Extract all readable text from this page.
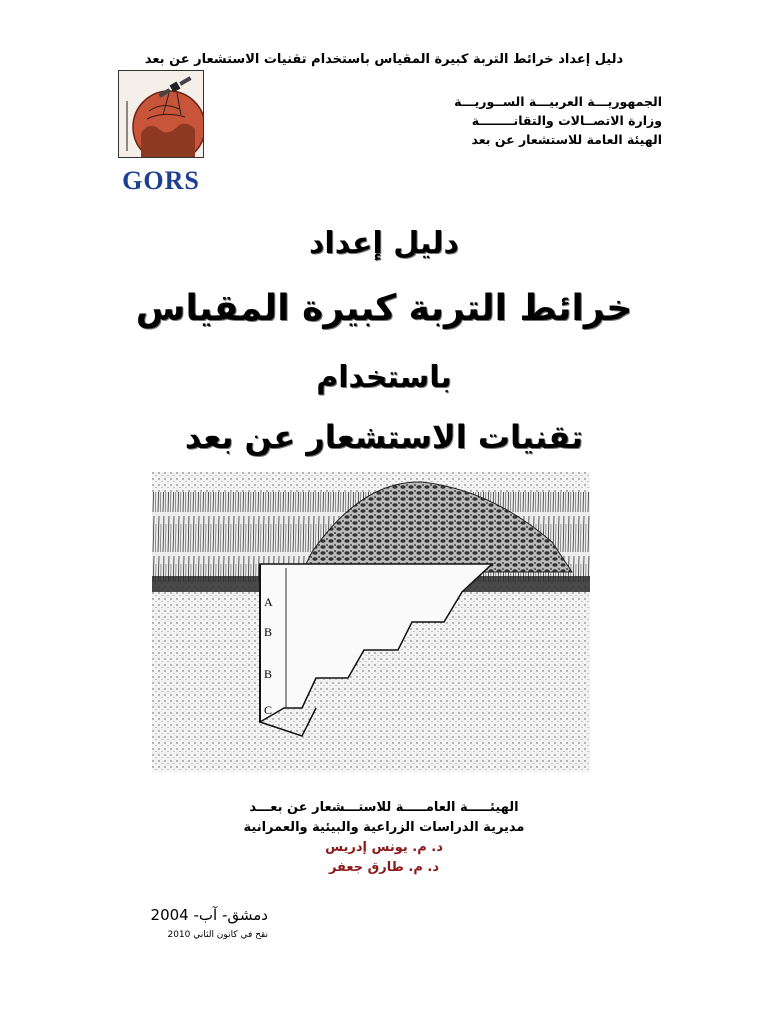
دليل إعداد خرائط التربة كبيرة المقياس باستخدام تقنيات الاستشعار عن بعد
GORS
الجمهوريـــة العربيـــة الســوريـــة
وزارة الاتصــالات والتقانــــــــة
الهيئة العامة للاستشعار عن بعد
دليل إعداد
خرائط التربة كبيرة المقياس
باستخدام
تقنيات الاستشعار عن بعد
A
B
B
C
الهيئـــــة العامـــــة للاستـــشعار عن بعـــد
مديرية الدراسات الزراعية والبيئية والعمرانية
د. م. يونس إدريس
د. م. طارق جعفر
دمشق- آب- 2004
نقح في كانون الثاني 2010
